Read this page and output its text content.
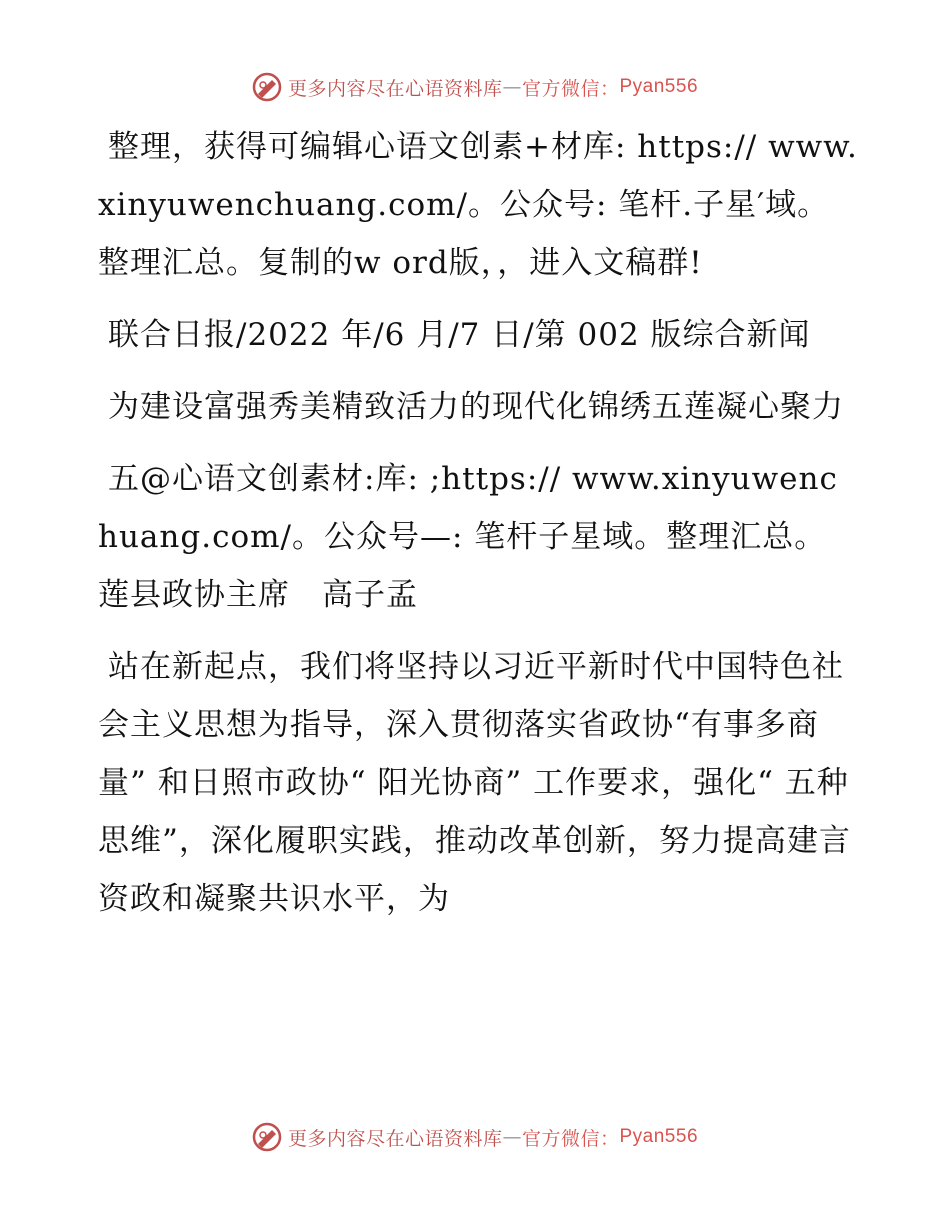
更多内容尽在心语资料库 — 官方微信： Pyan556

整理，获得可编辑心语文创素+材库: https:// www.xinyuwenchuang.com/。公众号: 笔杆.子星′域。整理汇总。复制的w ord版，，进入文稿群!

联合日报/2022 年/6 月/7 日/第 002 版综合新闻

为建设富强秀美精致活力的现代化锦绣五莲凝心聚力

五@心语文创素材:库: ;https:// www.xinyuwenchuang.com/。公众号—: 笔杆子星域。整理汇总。莲县政协主席　高子孟

站在新起点，我们将坚持以习近平新时代中国特色社会主义思想为指导，深入贯彻落实省政协“有事多商量” 和日照市政协“ 阳光协商” 工作要求，强化“ 五种思维”，深化履职实践，推动改革创新，努力提高建言资政和凝聚共识水平，为

更多内容尽在心语资料库 — 官方微信： Pyan556
